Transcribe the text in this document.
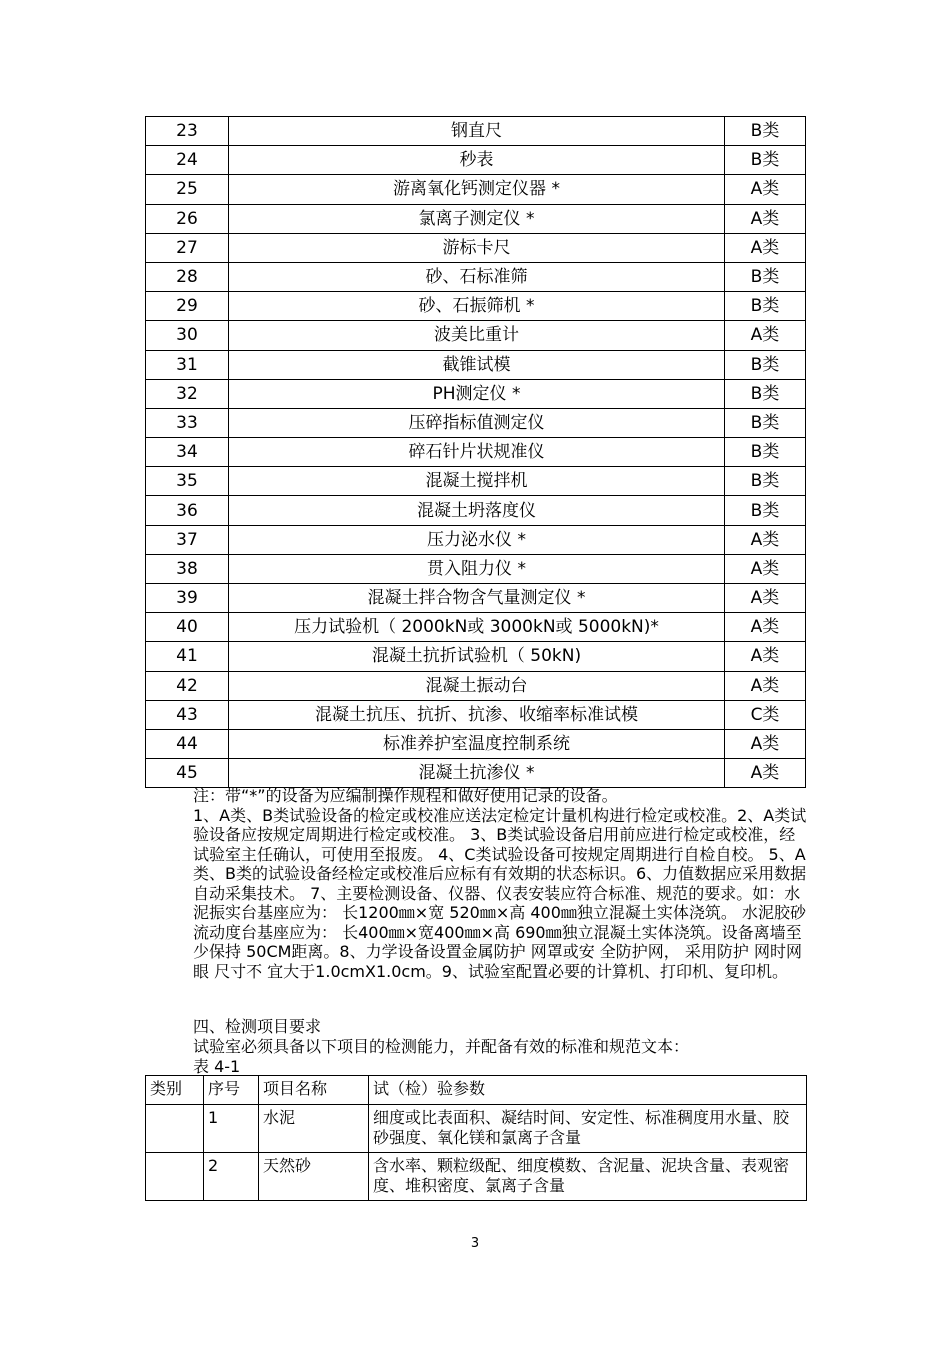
23	钢直尺	B类
24	秒表	B类
25	游离氧化钙测定仪器 *	A类
26	氯离子测定仪 *	A类
27	游标卡尺	A类
28	砂、石标准筛	B类
29	砂、石振筛机 *	B类
30	波美比重计	A类
31	截锥试模	B类
32	PH测定仪 *	B类
33	压碎指标值测定仪	B类
34	碎石针片状规准仪	B类
35	混凝土搅拌机	B类
36	混凝土坍落度仪	B类
37	压力泌水仪 *	A类
38	贯入阻力仪 *	A类
39	混凝土拌合物含气量测定仪 *	A类
40	压力试验机（ 2000kN或 3000kN或 5000kN)*	A类
41	混凝土抗折试验机（ 50kN)	A类
42	混凝土振动台	A类
43	混凝土抗压、抗折、抗渗、收缩率标准试模	C类
44	标准养护室温度控制系统	A类
45	混凝土抗渗仪 *	A类

注：带“*”的设备为应编制操作规程和做好使用记录的设备。

1、A类、B类试验设备的检定或校准应送法定检定计量机构进行检定或校准。2、A类试验设备应按规定周期进行检定或校准。 3、B类试验设备启用前应进行检定或校准，经试验室主任确认，可使用至报废。 4、C类试验设备可按规定周期进行自检自校。 5、A类、B类的试验设备经检定或校准后应标有有效期的状态标识。6、力值数据应采用数据自动采集技术。 7、主要检测设备、仪器、仪表安装应符合标准、规范的要求。如：水泥振实台基座应为： 长1200㎜×宽 520㎜×高 400㎜独立混凝土实体浇筑。 水泥胶砂流动度台基座应为： 长400㎜×宽400㎜×高 690㎜独立混凝土实体浇筑。设备离墙至少保持 50CM距离。8、力学设备设置金属防护 网罩或安 全防护网， 采用防护 网时网眼 尺寸不 宜大于1.0cmX1.0cm。9、试验室配置必要的计算机、打印机、复印机。

四、检测项目要求

试验室必须具备以下项目的检测能力，并配备有效的标准和规范文本：

表 4-1

类别	序号	项目名称	试（检）验参数
	1	水泥	细度或比表面积、凝结时间、安定性、标准稠度用水量、胶砂强度、氧化镁和氯离子含量
	2	天然砂	含水率、颗粒级配、细度模数、含泥量、泥块含量、表观密度、堆积密度、氯离子含量
3
